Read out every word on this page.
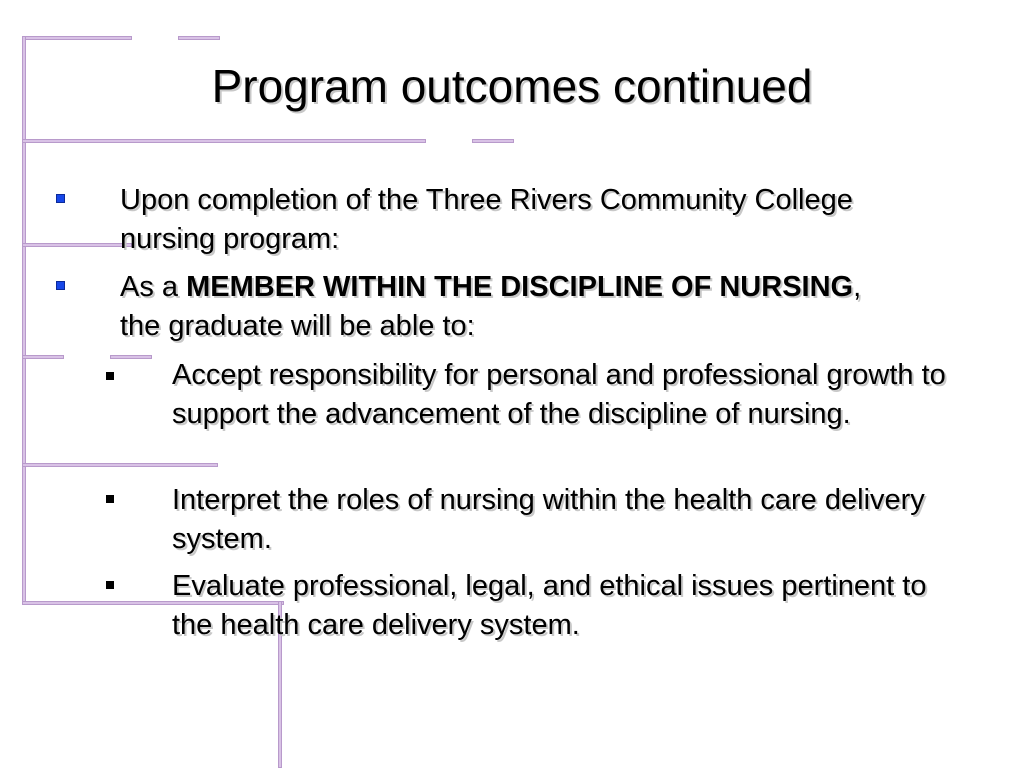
Program outcomes continued
Upon completion of the Three Rivers Community College nursing program:
As a MEMBER WITHIN THE DISCIPLINE OF NURSING, the graduate will be able to:
Accept responsibility for personal and professional growth to support the advancement of the discipline of nursing.
Interpret the roles of nursing within the health care delivery system.
Evaluate professional, legal, and ethical issues pertinent to the health care delivery system.
